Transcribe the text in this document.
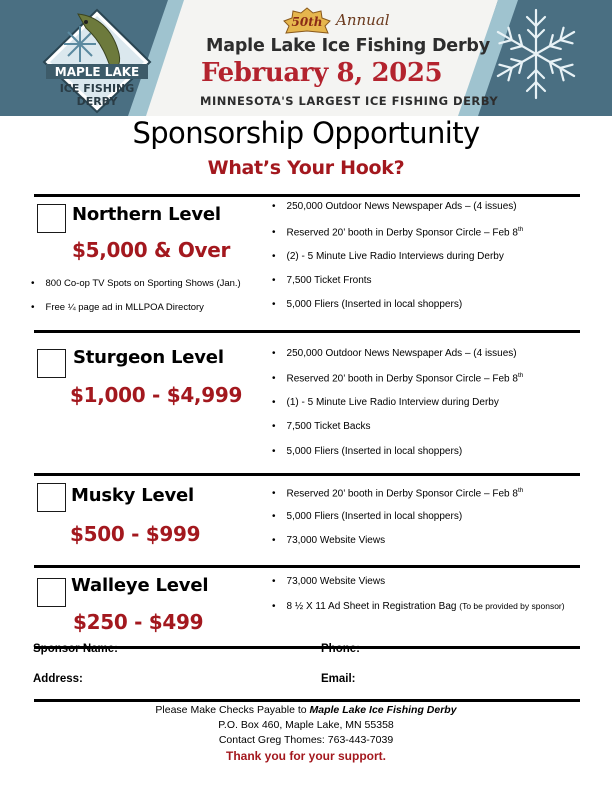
MAPLE LAKE
ICE FISHING
DERBY
50th Annual
Maple Lake Ice Fishing Derby
February 8, 2025
MINNESOTA'S LARGEST ICE FISHING DERBY
Sponsorship Opportunity
What’s Your Hook?
Northern Level
$5,000 & Over
• 800 Co-op TV Spots on Sporting Shows (Jan.)
• Free ¼ page ad in MLLPOA Directory
• 250,000 Outdoor News Newspaper Ads – (4 issues)
• Reserved 20’ booth in Derby Sponsor Circle – Feb 8th
• (2) - 5 Minute Live Radio Interviews during Derby
• 7,500 Ticket Fronts
• 5,000 Fliers (Inserted in local shoppers)
Sturgeon Level
$1,000 - $4,999
• 250,000 Outdoor News Newspaper Ads – (4 issues)
• Reserved 20’ booth in Derby Sponsor Circle – Feb 8th
• (1) - 5 Minute Live Radio Interview during Derby
• 7,500 Ticket Backs
• 5,000 Fliers (Inserted in local shoppers)
Musky Level
$500 - $999
• Reserved 20’ booth in Derby Sponsor Circle – Feb 8th
• 5,000 Fliers (Inserted in local shoppers)
• 73,000 Website Views
Walleye Level
$250 - $499
• 73,000 Website Views
• 8 ½ X 11 Ad Sheet in Registration Bag (To be provided by sponsor)
Sponsor Name:	Phone:
Address:	Email:
Please Make Checks Payable to Maple Lake Ice Fishing Derby
P.O. Box 460, Maple Lake, MN 55358
Contact Greg Thomes: 763-443-7039
Thank you for your support.
